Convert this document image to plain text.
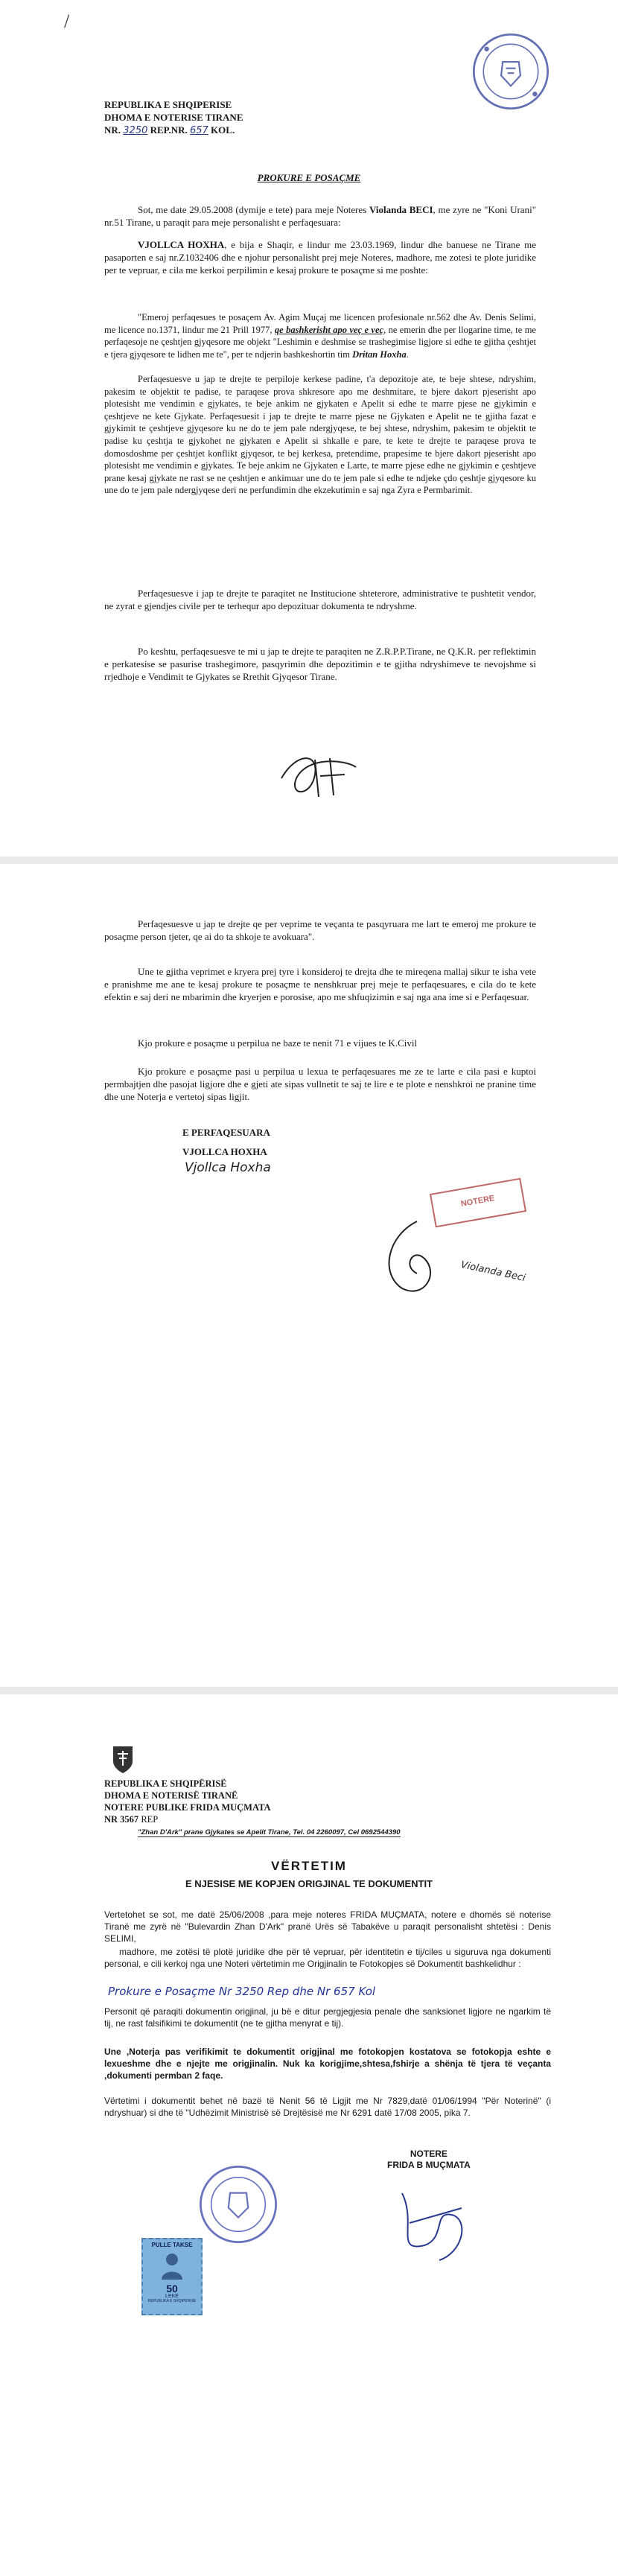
/
REPUBLIKA E SHQIPERISE
DHOMA E NOTERISE TIRANE
NR. 3250 REP.NR. 657 KOL.
PROKURE E POSAÇME
Sot, me date 29.05.2008 (dymije e tete) para meje Noteres Violanda BECI, me zyre ne "Koni Urani" nr.51 Tirane, u paraqit para meje personalisht e perfaqesuara:
VJOLLCA HOXHA, e bija e Shaqir, e lindur me 23.03.1969, lindur dhe banuese ne Tirane me pasaporten e saj nr.Z1032406 dhe e njohur personalisht prej meje Noteres, madhore, me zotesi te plote juridike per te vepruar, e cila me kerkoi perpilimin e kesaj prokure te posaçme si me poshte:
"Emeroj perfaqesues te posaçem Av. Agim Muçaj me licencen profesionale nr.562 dhe Av. Denis Selimi, me licence no.1371, lindur me 21 Prill 1977, qe bashkerisht apo veç e veç, ne emerin dhe per llogarine time, te me perfaqesoje ne çeshtjen gjyqesore me objekt "Leshimin e deshmise se trashegimise ligjore si edhe te gjitha çeshtjet e tjera gjyqesore te lidhen me te", per te ndjerin bashkeshortin tim Dritan Hoxha.
Perfaqesuesve u jap te drejte te perpiloje kerkese padine, t'a depozitoje ate, te beje shtese, ndryshim, pakesim te objektit te padise, te paraqese prova shkresore apo me deshmitare, te bjere dakort pjeserisht apo plotesisht me vendimin e gjykates, te beje ankim ne gjykaten e Apelit si edhe te marre pjese ne gjykimin e çeshtjeve ne kete Gjykate. Perfaqesuesit i jap te drejte te marre pjese ne Gjykaten e Apelit ne te gjitha fazat e gjykimit te çeshtjeve gjyqesore ku ne do te jem pale ndergjyqese, te bej shtese, ndryshim, pakesim te objektit te padise ku çeshtja te gjykohet ne gjykaten e Apelit si shkalle e pare, te kete te drejte te paraqese prova te domosdoshme per çeshtjet konflikt gjyqesor, te bej kerkesa, pretendime, prapesime te bjere dakort pjeserisht apo plotesisht me vendimin e gjykates. Te beje ankim ne Gjykaten e Larte, te marre pjese edhe ne gjykimin e çeshtjeve prane kesaj gjykate ne rast se ne çeshtjen e ankimuar une do te jem pale si edhe te ndjeke çdo çeshtje gjyqesore ku une do te jem pale ndergjyqese deri ne perfundimin dhe ekzekutimin e saj nga Zyra e Permbarimit.
Perfaqesuesve i jap te drejte te paraqitet ne Institucione shteterore, administrative te pushtetit vendor, ne zyrat e gjendjes civile per te terhequr apo depozituar dokumenta te ndryshme.
Po keshtu, perfaqesuesve te mi u jap te drejte te paraqiten ne Z.R.P.P.Tirane, ne Q.K.R. per reflektimin e perkatesise se pasurise trashegimore, pasqyrimin dhe depozitimin e te gjitha ndryshimeve te nevojshme si rrjedhoje e Vendimit te Gjykates se Rrethit Gjyqesor Tirane.
Perfaqesuesve u jap te drejte qe per veprime te veçanta te pasqyruara me lart te emeroj me prokure te posaçme person tjeter, qe ai do ta shkoje te avokuara".
Une te gjitha veprimet e kryera prej tyre i konsideroj te drejta dhe te mireqena mallaj sikur te isha vete e pranishme me ane te kesaj prokure te posaçme te nenshkruar prej meje te perfaqesuares, e cila do te kete efektin e saj deri ne mbarimin dhe kryerjen e porosise, apo me shfuqizimin e saj nga ana ime si e Perfaqesuar.
Kjo prokure e posaçme u perpilua ne baze te nenit 71 e vijues te K.Civil
Kjo prokure e posaçme pasi u perpilua u lexua te perfaqesuares me ze te larte e cila pasi e kuptoi permbajtjen dhe pasojat ligjore dhe e gjeti ate sipas vullnetit te saj te lire e te plote e nenshkroi ne pranine time dhe une Noterja e vertetoj sipas ligjit.
E PERFAQESUARA
VJOLLCA HOXHA
Vjollca Hoxha
NOTERE
Violanda Beci
REPUBLIKA E SHQIPËRISË
DHOMA E NOTERISË TIRANË
NOTERE PUBLIKE FRIDA MUÇMATA
NR 3567 REP
"Zhan D'Ark" prane Gjykates se Apelit Tirane, Tel. 04 2260097, Cel 0692544390
VËRTETIM
E NJESISE ME KOPJEN ORIGJINAL TE DOKUMENTIT
Vertetohet se sot, me datë 25/06/2008 ,para meje noteres FRIDA MUÇMATA, notere e dhomës së noterise Tiranë me zyrë në "Bulevardin Zhan D'Ark" pranë Urës së Tabakëve u paraqit personalisht shtetësi : Denis SELIMI,
madhore, me zotësi të plotë juridike dhe për të vepruar, për identitetin e tij/ciles u siguruva nga dokumenti personal, e cili kerkoj nga une Noteri vërtetimin me Origjinalin te Fotokopjes së Dokumentit bashkelidhur :
Prokure e Posaçme Nr 3250 Rep dhe Nr 657 Kol
Personit që paraqiti dokumentin origjinal, ju bë e ditur pergjegjesia penale dhe sanksionet ligjore ne ngarkim të tij, ne rast falsifikimi te dokumentit (ne te gjitha menyrat e tij).
Une ,Noterja pas verifikimit te dokumentit origjinal me fotokopjen kostatova se fotokopja eshte e lexueshme dhe e njejte me origjinalin. Nuk ka korigjime,shtesa,fshirje a shënja të tjera të veçanta ,dokumenti permban 2 faqe.
Vërtetimi i dokumentit behet në bazë të Nenit 56 të Ligjit me Nr 7829,datë 01/06/1994 "Për Noterinë" (i ndryshuar) si dhe të "Udhëzimit Ministrisë së Drejtësisë me Nr 6291 datë 17/08 2005, pika 7.
NOTERE
FRIDA B MUÇMATA
PULLE TAKSE
50
LEKE
REPUBLIKA E SHQIPERISE
